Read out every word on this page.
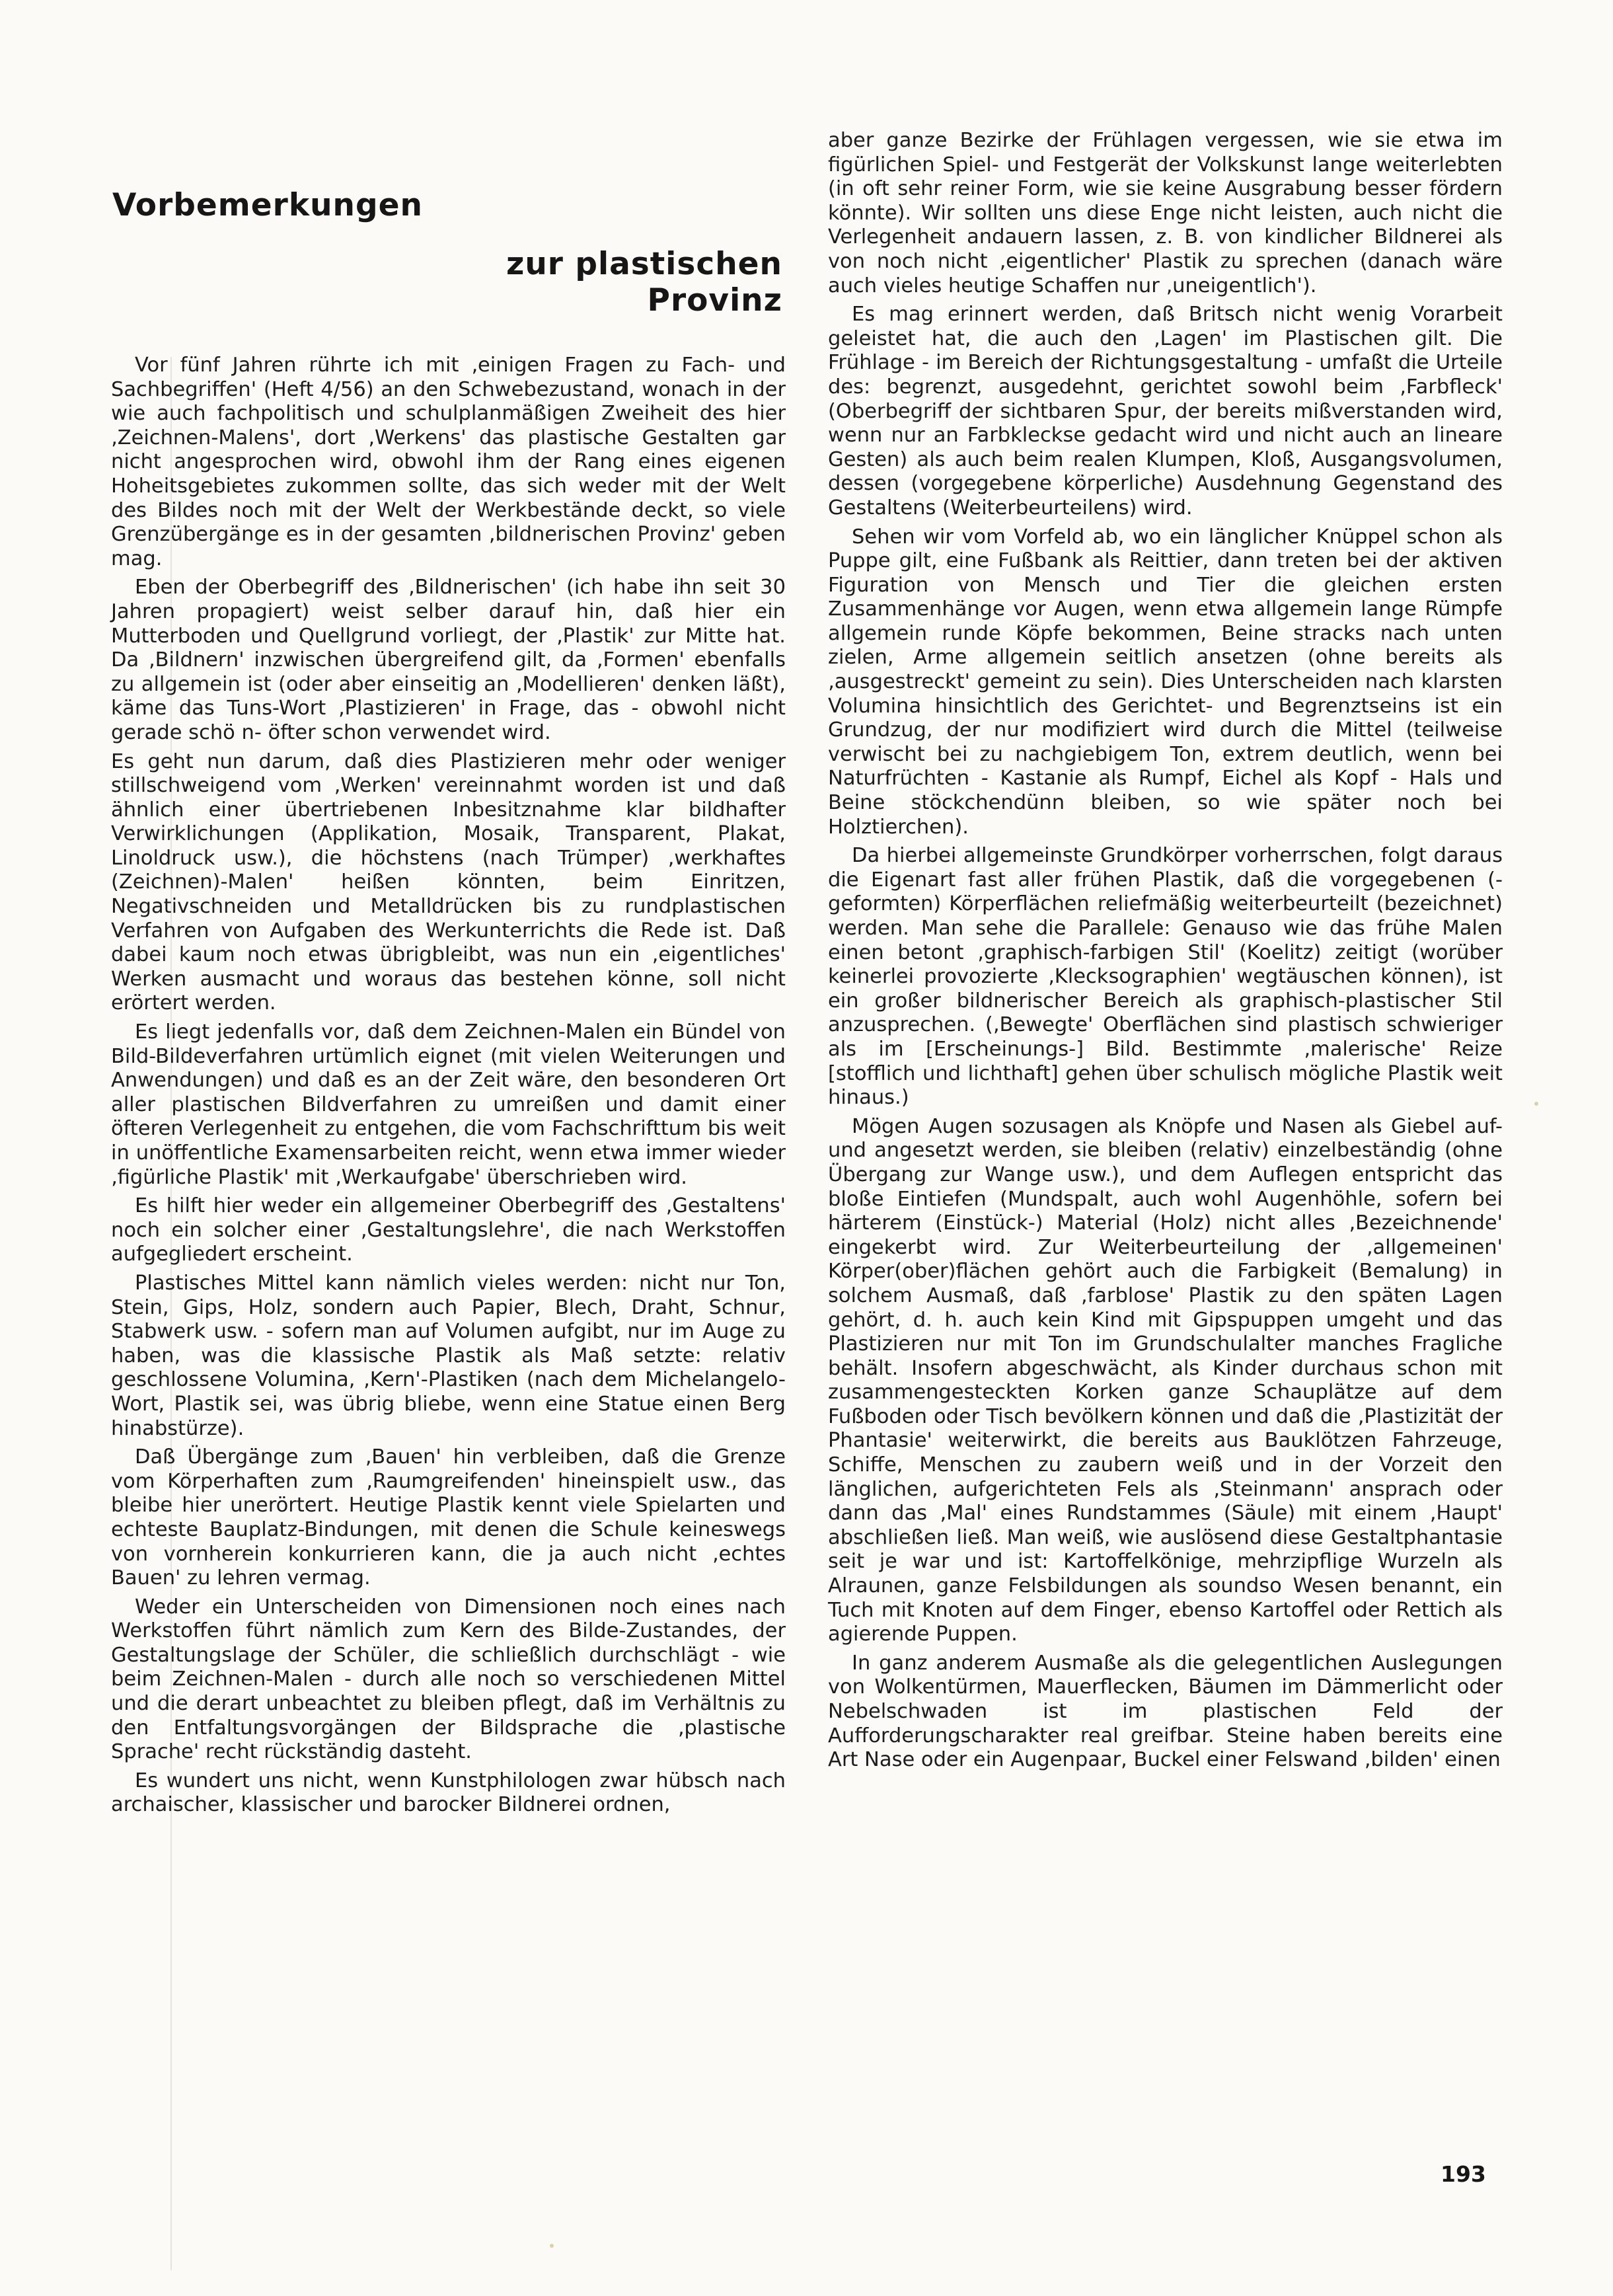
Vorbemerkungen
zur plastischen Provinz

Vor fünf Jahren rührte ich mit ‚einigen Fragen zu Fach- und Sachbegriffen' (Heft 4/56) an den Schwebezustand, wonach in der wie auch fachpolitisch und schulplanmäßigen Zweiheit des hier ‚Zeichnen-Malens', dort ‚Werkens' das plastische Gestalten gar nicht angesprochen wird, obwohl ihm der Rang eines eigenen Hoheitsgebietes zukommen sollte, das sich weder mit der Welt des Bildes noch mit der Welt der Werkbestände deckt, so viele Grenzübergänge es in der gesamten ‚bildnerischen Provinz' geben mag.

Eben der Oberbegriff des ‚Bildnerischen' (ich habe ihn seit 30 Jahren propagiert) weist selber darauf hin, daß hier ein Mutterboden und Quellgrund vorliegt, der ‚Plastik' zur Mitte hat. Da ‚Bildnern' inzwischen übergreifend gilt, da ‚Formen' ebenfalls zu allgemein ist (oder aber einseitig an ‚Modellieren' denken läßt), käme das Tuns-Wort ‚Plastizieren' in Frage, das - obwohl nicht gerade schö n- öfter schon verwendet wird.

Es geht nun darum, daß dies Plastizieren mehr oder weniger stillschweigend vom ‚Werken' vereinnahmt worden ist und daß ähnlich einer übertriebenen Inbesitznahme klar bildhafter Verwirklichungen (Applikation, Mosaik, Transparent, Plakat, Linoldruck usw.), die höchstens (nach Trümper) ‚werkhaftes (Zeichnen)-Malen' heißen könnten, beim Einritzen, Negativschneiden und Metalldrücken bis zu rundplastischen Verfahren von Aufgaben des Werkunterrichts die Rede ist. Daß dabei kaum noch etwas übrigbleibt, was nun ein ‚eigentliches' Werken ausmacht und woraus das bestehen könne, soll nicht erörtert werden.

Es liegt jedenfalls vor, daß dem Zeichnen-Malen ein Bündel von Bild-Bildeverfahren urtümlich eignet (mit vielen Weiterungen und Anwendungen) und daß es an der Zeit wäre, den besonderen Ort aller plastischen Bildverfahren zu umreißen und damit einer öfteren Verlegenheit zu entgehen, die vom Fachschrifttum bis weit in unöffentliche Examensarbeiten reicht, wenn etwa immer wieder ‚figürliche Plastik' mit ‚Werkaufgabe' überschrieben wird.

Es hilft hier weder ein allgemeiner Oberbegriff des ‚Gestaltens' noch ein solcher einer ‚Gestaltungslehre', die nach Werkstoffen aufgegliedert erscheint.

Plastisches Mittel kann nämlich vieles werden: nicht nur Ton, Stein, Gips, Holz, sondern auch Papier, Blech, Draht, Schnur, Stabwerk usw. - sofern man auf Volumen aufgibt, nur im Auge zu haben, was die klassische Plastik als Maß setzte: relativ geschlossene Volumina, ‚Kern'-Plastiken (nach dem Michelangelo-Wort, Plastik sei, was übrig bliebe, wenn eine Statue einen Berg hinabstürze).

Daß Übergänge zum ‚Bauen' hin verbleiben, daß die Grenze vom Körperhaften zum ‚Raumgreifenden' hineinspielt usw., das bleibe hier unerörtert. Heutige Plastik kennt viele Spielarten und echteste Bauplatz-Bindungen, mit denen die Schule keineswegs von vornherein konkurrieren kann, die ja auch nicht ‚echtes Bauen' zu lehren vermag.

Weder ein Unterscheiden von Dimensionen noch eines nach Werkstoffen führt nämlich zum Kern des Bilde-Zustandes, der Gestaltungslage der Schüler, die schließlich durchschlägt - wie beim Zeichnen-Malen - durch alle noch so verschiedenen Mittel und die derart unbeachtet zu bleiben pflegt, daß im Verhältnis zu den Entfaltungsvorgängen der Bildsprache die ‚plastische Sprache' recht rückständig dasteht.

Es wundert uns nicht, wenn Kunstphilologen zwar hübsch nach archaischer, klassischer und barocker Bildnerei ordnen,

aber ganze Bezirke der Frühlagen vergessen, wie sie etwa im figürlichen Spiel- und Festgerät der Volkskunst lange weiterlebten (in oft sehr reiner Form, wie sie keine Ausgrabung besser fördern könnte). Wir sollten uns diese Enge nicht leisten, auch nicht die Verlegenheit andauern lassen, z. B. von kindlicher Bildnerei als von noch nicht ‚eigentlicher' Plastik zu sprechen (danach wäre auch vieles heutige Schaffen nur ‚uneigentlich').

Es mag erinnert werden, daß Britsch nicht wenig Vorarbeit geleistet hat, die auch den ‚Lagen' im Plastischen gilt. Die Frühlage - im Bereich der Richtungsgestaltung - umfaßt die Urteile des: begrenzt, ausgedehnt, gerichtet sowohl beim ‚Farbfleck' (Oberbegriff der sichtbaren Spur, der bereits mißverstanden wird, wenn nur an Farbkleckse gedacht wird und nicht auch an lineare Gesten) als auch beim realen Klumpen, Kloß, Ausgangsvolumen, dessen (vorgegebene körperliche) Ausdehnung Gegenstand des Gestaltens (Weiterbeurteilens) wird.

Sehen wir vom Vorfeld ab, wo ein länglicher Knüppel schon als Puppe gilt, eine Fußbank als Reittier, dann treten bei der aktiven Figuration von Mensch und Tier die gleichen ersten Zusammenhänge vor Augen, wenn etwa allgemein lange Rümpfe allgemein runde Köpfe bekommen, Beine stracks nach unten zielen, Arme allgemein seitlich ansetzen (ohne bereits als ‚ausgestreckt' gemeint zu sein). Dies Unterscheiden nach klarsten Volumina hinsichtlich des Gerichtet- und Begrenztseins ist ein Grundzug, der nur modifiziert wird durch die Mittel (teilweise verwischt bei zu nachgiebigem Ton, extrem deutlich, wenn bei Naturfrüchten - Kastanie als Rumpf, Eichel als Kopf - Hals und Beine stöckchendünn bleiben, so wie später noch bei Holztierchen).

Da hierbei allgemeinste Grundkörper vorherrschen, folgt daraus die Eigenart fast aller frühen Plastik, daß die vorgegebenen (-geformten) Körperflächen reliefmäßig weiterbeurteilt (bezeichnet) werden. Man sehe die Parallele: Genauso wie das frühe Malen einen betont ‚graphisch-farbigen Stil' (Koelitz) zeitigt (worüber keinerlei provozierte ‚Klecksographien' wegtäuschen können), ist ein großer bildnerischer Bereich als graphisch-plastischer Stil anzusprechen. (‚Bewegte' Oberflächen sind plastisch schwieriger als im [Erscheinungs-] Bild. Bestimmte ‚malerische' Reize [stofflich und lichthaft] gehen über schulisch mögliche Plastik weit hinaus.)

Mögen Augen sozusagen als Knöpfe und Nasen als Giebel auf- und angesetzt werden, sie bleiben (relativ) einzelbeständig (ohne Übergang zur Wange usw.), und dem Auflegen entspricht das bloße Eintiefen (Mundspalt, auch wohl Augenhöhle, sofern bei härterem (Einstück-) Material (Holz) nicht alles ‚Bezeichnende' eingekerbt wird. Zur Weiterbeurteilung der ‚allgemeinen' Körper(ober)flächen gehört auch die Farbigkeit (Bemalung) in solchem Ausmaß, daß ‚farblose' Plastik zu den späten Lagen gehört, d. h. auch kein Kind mit Gipspuppen umgeht und das Plastizieren nur mit Ton im Grundschulalter manches Fragliche behält. Insofern abgeschwächt, als Kinder durchaus schon mit zusammengesteckten Korken ganze Schauplätze auf dem Fußboden oder Tisch bevölkern können und daß die ‚Plastizität der Phantasie' weiterwirkt, die bereits aus Bauklötzen Fahrzeuge, Schiffe, Menschen zu zaubern weiß und in der Vorzeit den länglichen, aufgerichteten Fels als ‚Steinmann' ansprach oder dann das ‚Mal' eines Rundstammes (Säule) mit einem ‚Haupt' abschließen ließ. Man weiß, wie auslösend diese Gestaltphantasie seit je war und ist: Kartoffelkönige, mehrzipflige Wurzeln als Alraunen, ganze Felsbildungen als soundso Wesen benannt, ein Tuch mit Knoten auf dem Finger, ebenso Kartoffel oder Rettich als agierende Puppen.

In ganz anderem Ausmaße als die gelegentlichen Auslegungen von Wolkentürmen, Mauerflecken, Bäumen im Dämmerlicht oder Nebelschwaden ist im plastischen Feld der Aufforderungscharakter real greifbar. Steine haben bereits eine Art Nase oder ein Augenpaar, Buckel einer Felswand ‚bilden' einen

193
